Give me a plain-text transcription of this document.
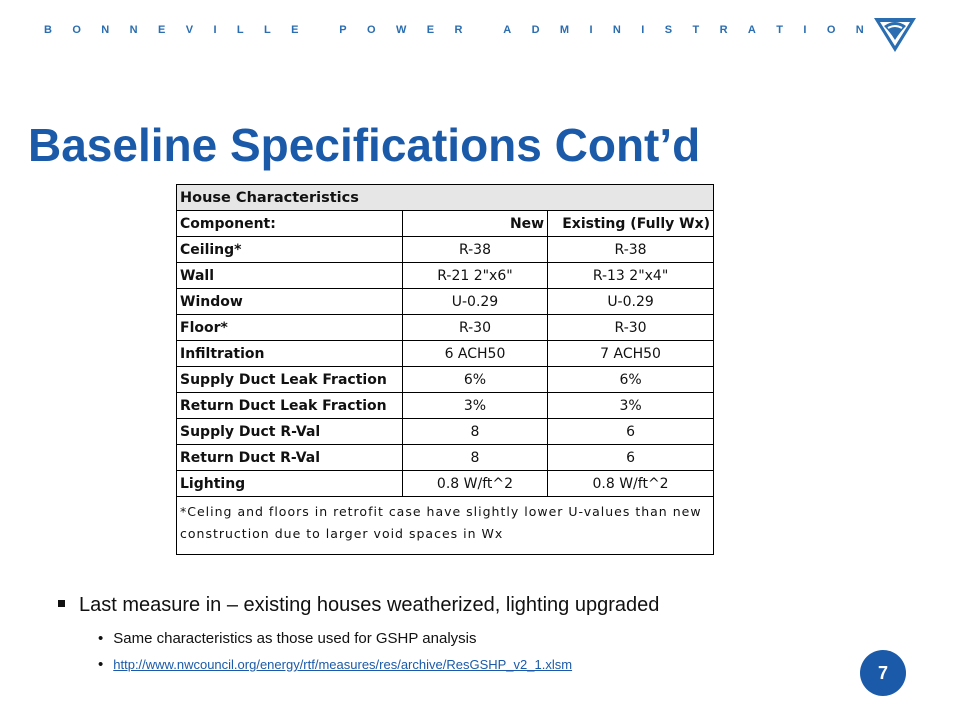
B O N N E V I L L E	P O W E R	A D M I N I S T R A T I O N
Baseline Specifications Cont’d
House Characteristics		
Component:	New	Existing (Fully Wx)
Ceiling*	R-38	R-38
Wall	R-21 2"x6"	R-13 2"x4"
Window	U-0.29	U-0.29
Floor*	R-30	R-30
Infiltration	6 ACH50	7 ACH50
Supply Duct Leak Fraction	6%	6%
Return Duct Leak Fraction	3%	3%
Supply Duct R-Val	8	6
Return Duct R-Val	8	6
Lighting	0.8 W/ft^2	0.8 W/ft^2
*Celing and floors in retrofit case have slightly lower U-values than new construction due to larger void spaces in Wx		
Last measure in – existing houses weatherized, lighting upgraded
• Same characteristics as those used for GSHP analysis
• http://www.nwcouncil.org/energy/rtf/measures/res/archive/ResGSHP_v2_1.xlsm	7
